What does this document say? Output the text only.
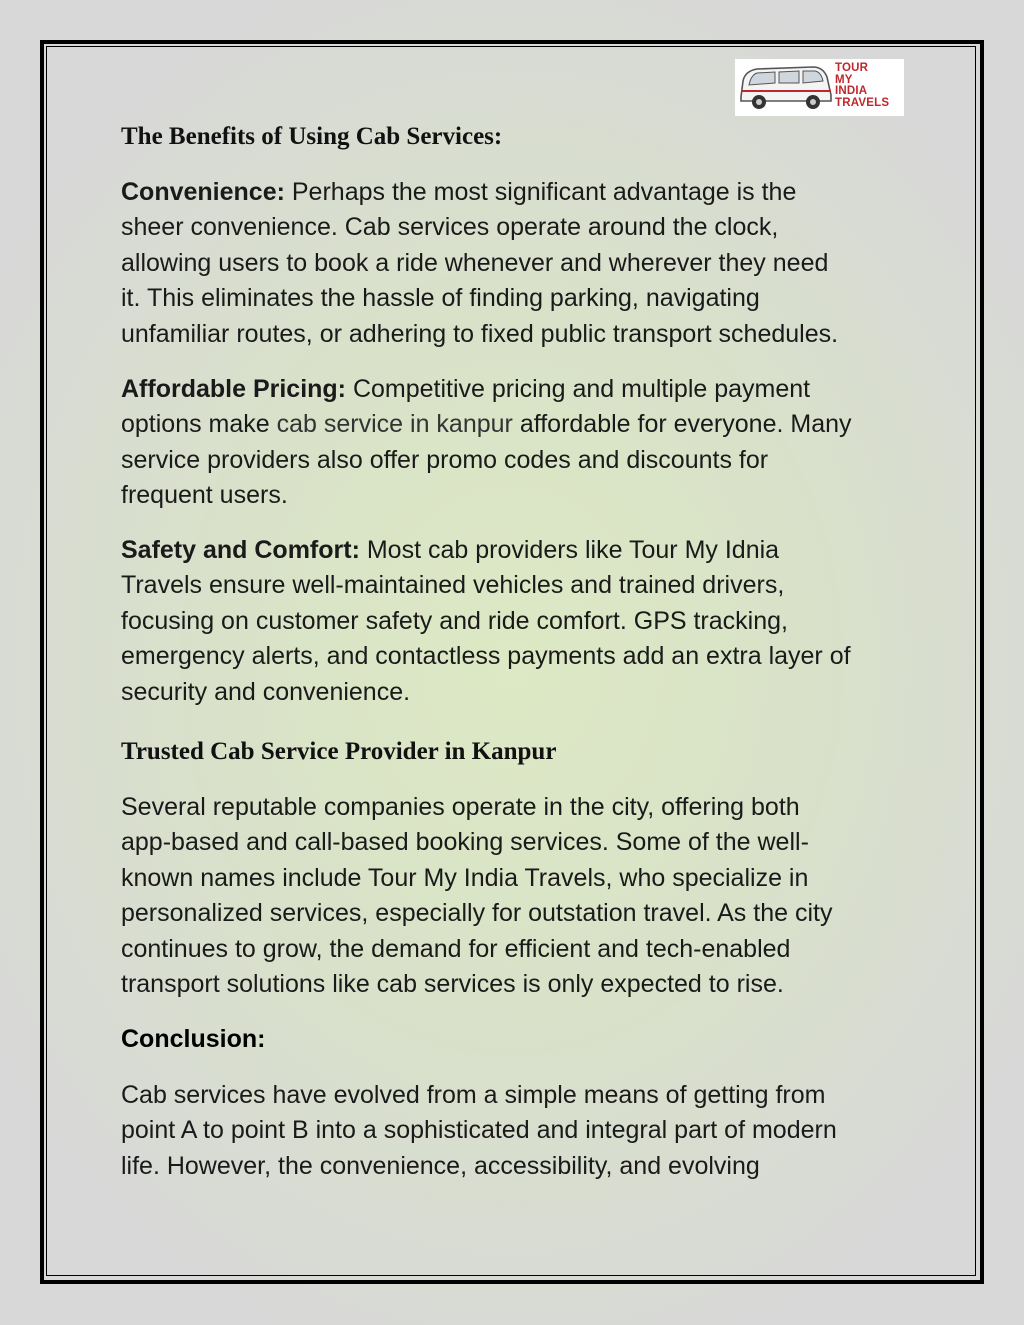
TOUR
MY
INDIA
TRAVELS
The Benefits of Using Cab Services:
Convenience: Perhaps the most significant advantage is the
sheer convenience. Cab services operate around the clock,
allowing users to book a ride whenever and wherever they need
it. This eliminates the hassle of finding parking, navigating
unfamiliar routes, or adhering to fixed public transport schedules.
Affordable Pricing: Competitive pricing and multiple payment
options make cab service in kanpur affordable for everyone. Many
service providers also offer promo codes and discounts for
frequent users.
Safety and Comfort: Most cab providers like Tour My Idnia
Travels ensure well-maintained vehicles and trained drivers,
focusing on customer safety and ride comfort. GPS tracking,
emergency alerts, and contactless payments add an extra layer of
security and convenience.
Trusted Cab Service Provider in Kanpur
Several reputable companies operate in the city, offering both
app-based and call-based booking services. Some of the well-
known names include Tour My India Travels, who specialize in
personalized services, especially for outstation travel. As the city
continues to grow, the demand for efficient and tech-enabled
transport solutions like cab services is only expected to rise.
Conclusion:
Cab services have evolved from a simple means of getting from
point A to point B into a sophisticated and integral part of modern
life. However, the convenience, accessibility, and evolving
